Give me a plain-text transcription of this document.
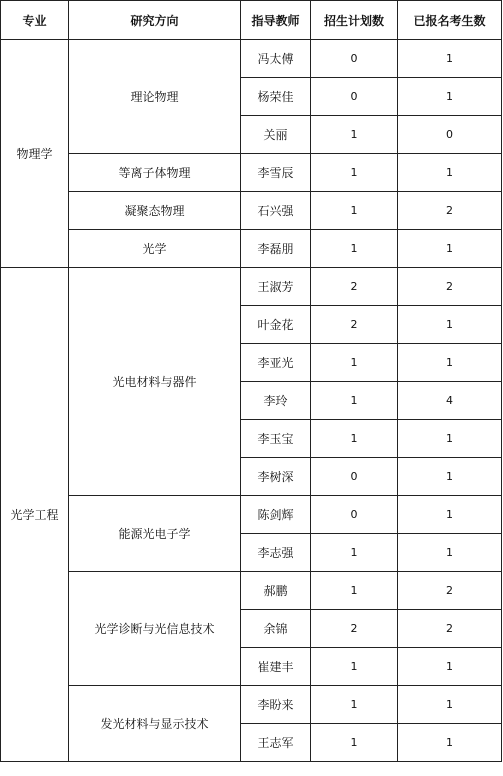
专业	研究方向	指导教师	招生计划数	已报名考生数
物理学	理论物理	冯太傅	0	1
		杨荣佳	0	1
		关丽	1	0
	等离子体物理	李雪辰	1	1
	凝聚态物理	石兴强	1	2
	光学	李磊朋	1	1
光学工程	光电材料与器件	王淑芳	2	2
		叶金花	2	1
		李亚光	1	1
		李玲	1	4
		李玉宝	1	1
		李树深	0	1
	能源光电子学	陈剑辉	0	1
		李志强	1	1
	光学诊断与光信息技术	郝鹏	1	2
		余锦	2	2
		崔建丰	1	1
	发光材料与显示技术	李盼来	1	1
		王志军	1	1
